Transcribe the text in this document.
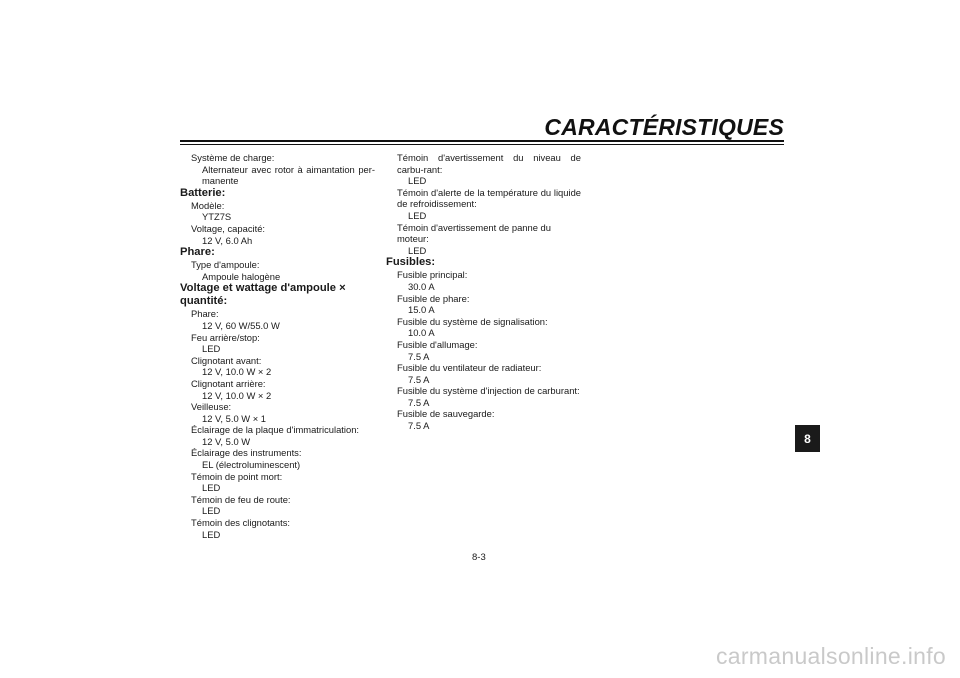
CARACTÉRISTIQUES
Système de charge:
Alternateur avec rotor à aimantation per-manente
Batterie:
Modèle:
YTZ7S
Voltage, capacité:
12 V, 6.0 Ah
Phare:
Type d'ampoule:
Ampoule halogène
Voltage et wattage d'ampoule × quantité:
Phare:
12 V, 60 W/55.0 W
Feu arrière/stop:
LED
Clignotant avant:
12 V, 10.0 W × 2
Clignotant arrière:
12 V, 10.0 W × 2
Veilleuse:
12 V, 5.0 W × 1
Éclairage de la plaque d'immatriculation:
12 V, 5.0 W
Éclairage des instruments:
EL (électroluminescent)
Témoin de point mort:
LED
Témoin de feu de route:
LED
Témoin des clignotants:
LED
Témoin d'avertissement du niveau de carbu-rant:
LED
Témoin d'alerte de la température du liquide de refroidissement:
LED
Témoin d'avertissement de panne du moteur:
LED
Fusibles:
Fusible principal:
30.0 A
Fusible de phare:
15.0 A
Fusible du système de signalisation:
10.0 A
Fusible d'allumage:
7.5 A
Fusible du ventilateur de radiateur:
7.5 A
Fusible du système d'injection de carburant:
7.5 A
Fusible de sauvegarde:
7.5 A
8
8-3
carmanualsonline.info
